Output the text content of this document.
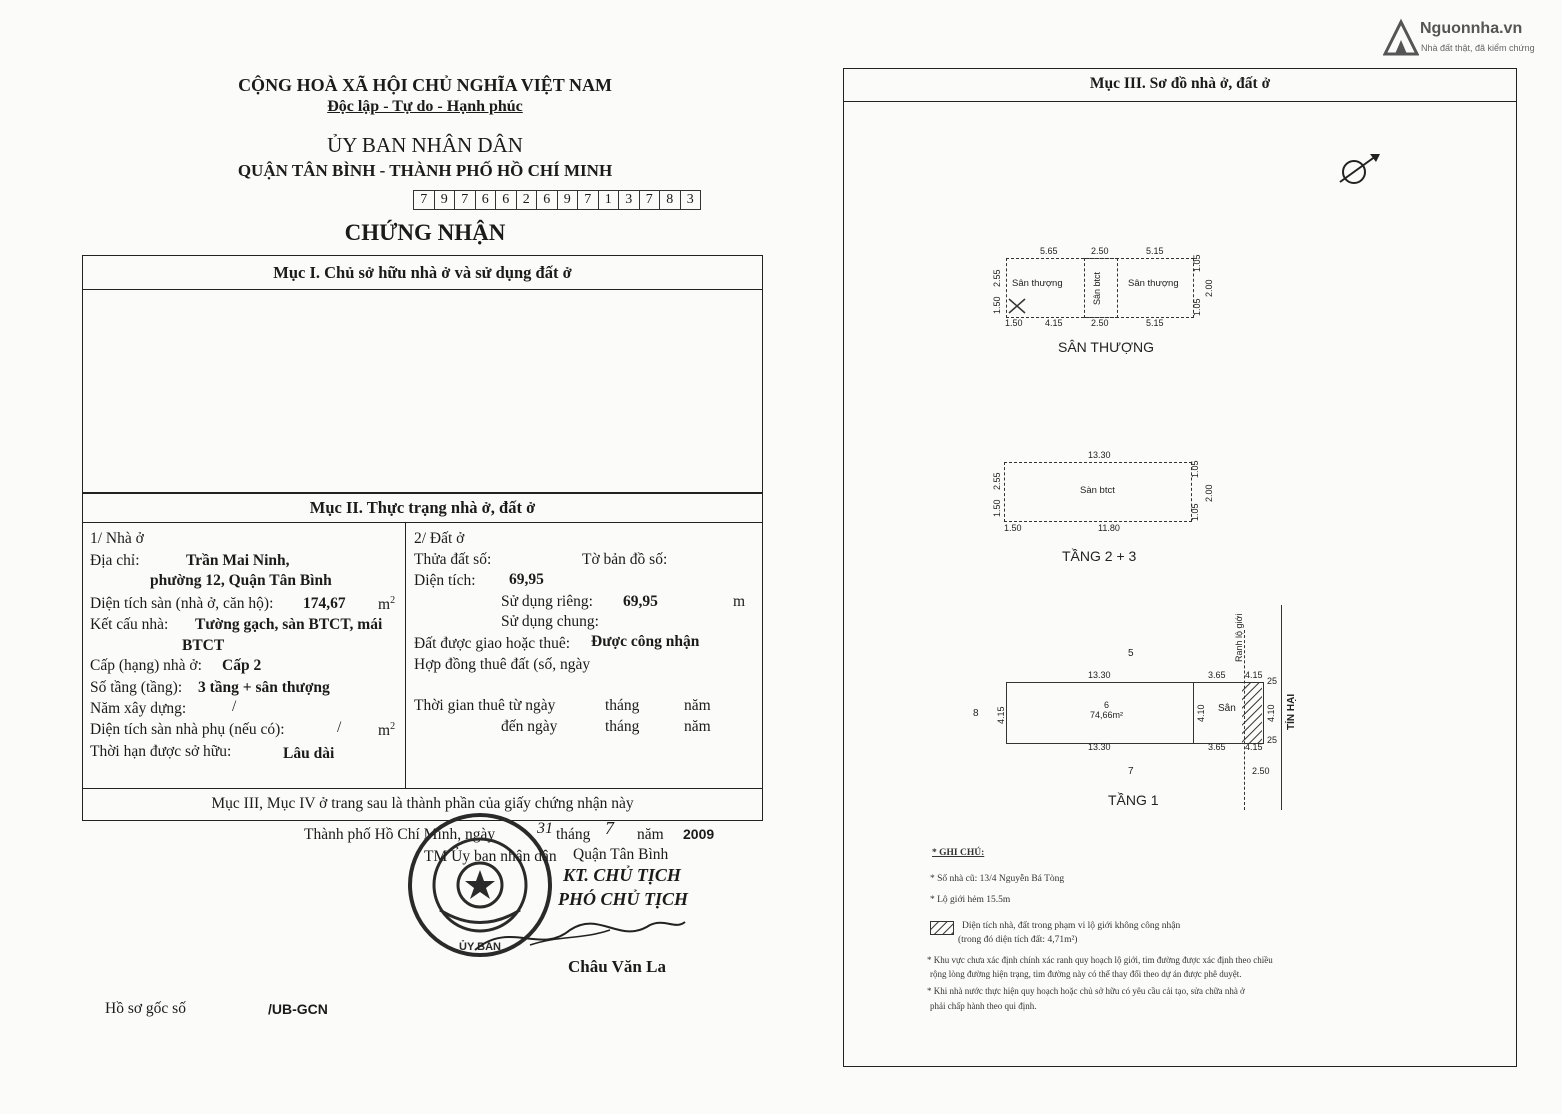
Nguonnha.vn
Nhà đất thật, đã kiểm chứng
CỘNG HOÀ XÃ HỘI CHỦ NGHĨA VIỆT NAM
Độc lập - Tự do - Hạnh phúc
ỦY BAN NHÂN DÂN
QUẬN TÂN BÌNH - THÀNH PHỐ HỒ CHÍ MINH
7 9 7 6 6 2 6 9 7 1 3 7 8 3
CHỨNG NHẬN
Mục I. Chủ sở hữu nhà ở và sử dụng đất ở
Mục II. Thực trạng nhà ở, đất ở
1/ Nhà ở
Địa chỉ:	Trần Mai Ninh,
phường 12, Quận Tân Bình
Diện tích sàn (nhà ở, căn hộ): 174,67 $m^2$
Kết cấu nhà: Tường gạch, sàn BTCT, mái
BTCT
Cấp (hạng) nhà ở: Cấp 2
Số tầng (tầng): 3 tầng + sân thượng
Năm xây dựng:	/
Diện tích sàn nhà phụ (nếu có):	/ $m^2$
Thời hạn được sở hữu:	Lâu dài
2/ Đất ở
Thửa đất số:	Tờ bản đồ số:
Diện tích: 69,95
Sử dụng riêng: 69,95	m
Sử dụng chung:
Đất được giao hoặc thuê: Được công nhận
Hợp đồng thuê đất (số, ngày
Thời gian thuê từ ngày	tháng	năm
đến ngày	tháng	năm
Mục III, Mục IV ở trang sau là thành phần của giấy chứng nhận này
Thành phố Hồ Chí Minh, ngày	31 tháng 7 năm 2009
ỦY BAN
TM Ủy ban nhân dân Quận Tân Bình
KT. CHỦ TỊCH
PHÓ CHỦ TỊCH
Châu Văn La
Hồ sơ gốc số	/UB-GCN
Mục III. Sơ đồ nhà ở, đất ở
Sân thượng	Sân btct	Sân thượng
5.65	2.50	5.15
1.50 4.15	2.50	5.15
2.55
1.50
1.05
2.00
1.05
SÂN THƯỢNG
Sàn btct
13.30
1.50	11.80
2.55
1.50
1.05
2.00
1.05
TẦNG 2 + 3
Ranh lộ giới
TÍN HẠI
5
7
8
6
74,66m²
Sân
13.30	3.65 4.15
13.30	3.65 4.15
4.15	4.10
25
4.10
25
2.50
TẦNG 1
* GHI CHÚ:
* Số nhà cũ: 13/4 Nguyễn Bá Tòng
* Lộ giới hẻm 15.5m
Diện tích nhà, đất trong phạm vi lộ giới không công nhận
(trong đó diện tích đất: 4,71m²)
* Khu vực chưa xác định chính xác ranh quy hoạch lộ giới, tim đường được xác định theo chiều
rộng lòng đường hiện trạng, tim đường này có thể thay đổi theo dự án được phê duyệt.
* Khi nhà nước thực hiện quy hoạch hoặc chủ sở hữu có yêu cầu cải tạo, sửa chữa nhà ở
phải chấp hành theo qui định.
